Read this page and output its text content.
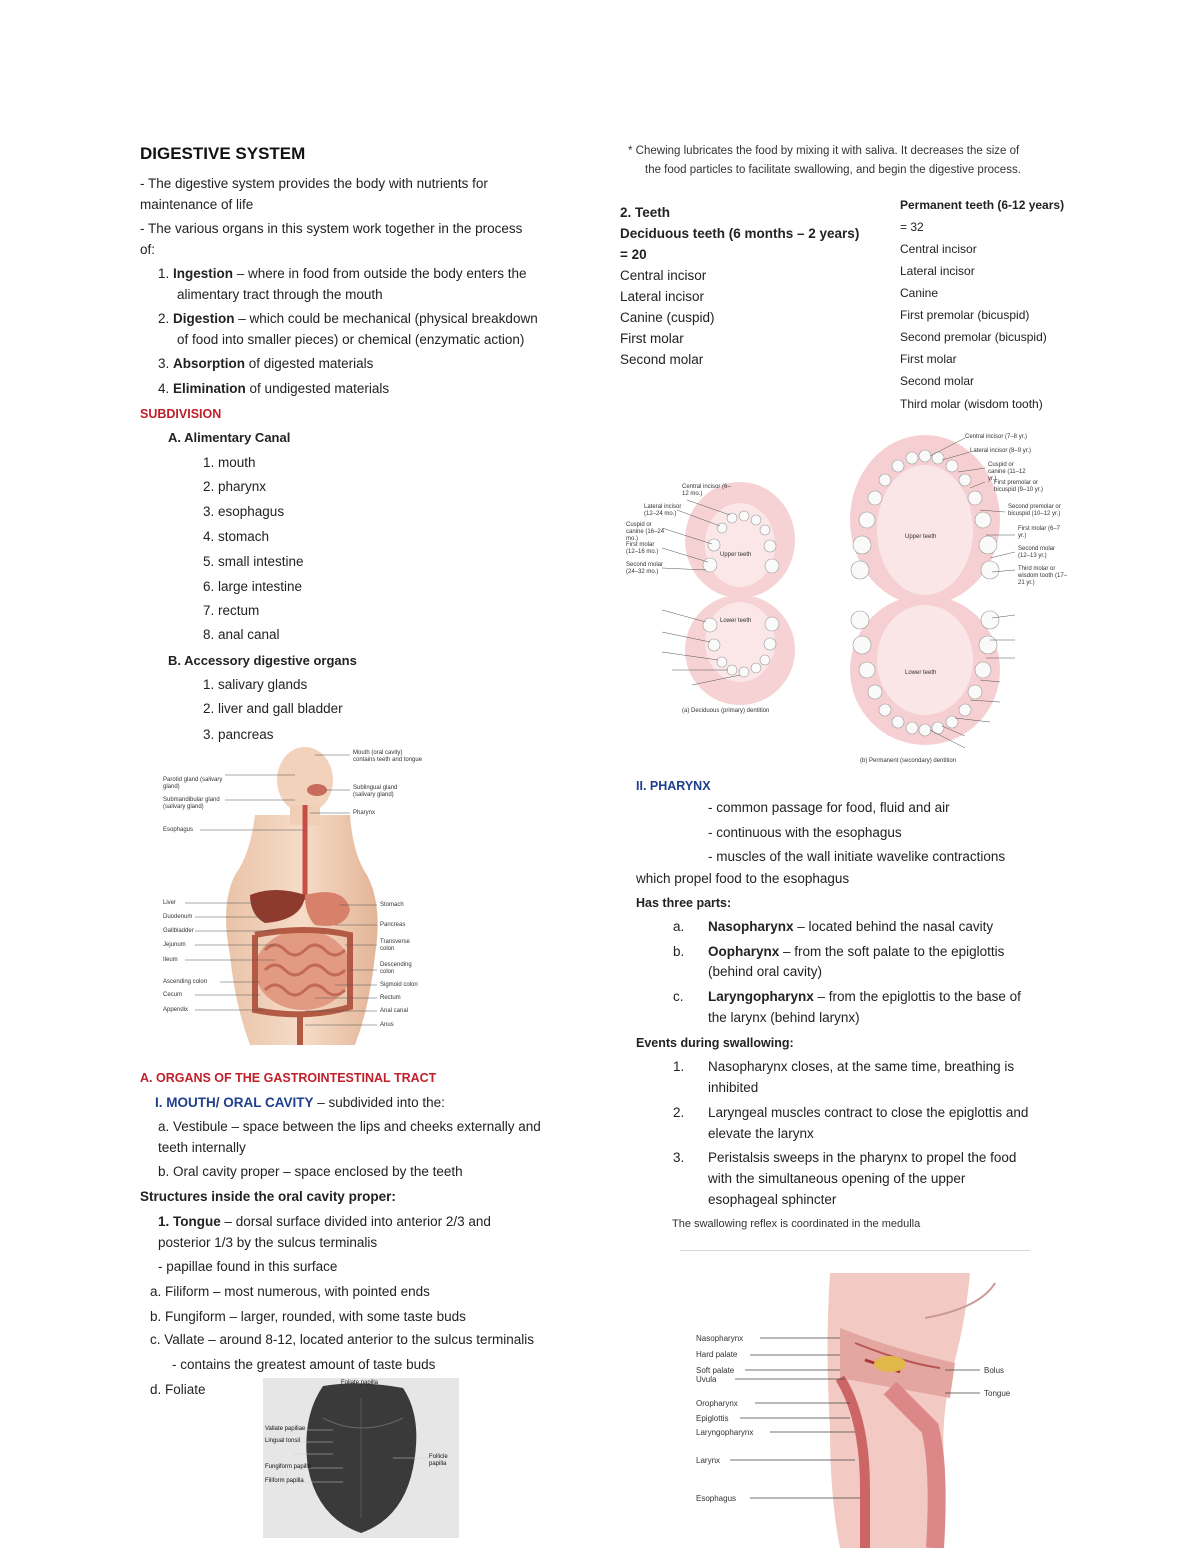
DIGESTIVE SYSTEM
- The digestive system provides the body with nutrients for
maintenance of life
- The various organs in this system work together in the process
of:
1. Ingestion – where in food from outside the body enters the
alimentary tract through the mouth
2. Digestion – which could be mechanical (physical breakdown
of food into smaller pieces) or chemical (enzymatic action)
3. Absorption of digested materials
4. Elimination of undigested materials
SUBDIVISION
A. Alimentary Canal
1. mouth
2. pharynx
3. esophagus
4. stomach
5. small intestine
6. large intestine
7. rectum
8. anal canal
B. Accessory digestive organs
1. salivary glands
2. liver and gall bladder
3. pancreas
Parotid gland (salivary gland)
Submandibular gland (salivary gland)
Esophagus
Liver
Duodenum
Gallbladder
Jejunum
Ileum
Ascending colon
Cecum
Appendix
Mouth (oral cavity) contains teeth and tongue
Sublingual gland (salivary gland)
Pharynx
Stomach
Pancreas
Transverse colon
Descending colon
Sigmoid colon
Rectum
Anal canal
Anus
A. ORGANS OF THE GASTROINTESTINAL TRACT
I. MOUTH/ ORAL CAVITY – subdivided into the:
a. Vestibule – space between the lips and cheeks externally and
teeth internally
b. Oral cavity proper – space enclosed by the teeth
Structures inside the oral cavity proper:
1. Tongue – dorsal surface divided into anterior 2/3 and
posterior 1/3 by the sulcus terminalis
- papillae found in this surface
a. Filiform – most numerous, with pointed ends
b. Fungiform – larger, rounded, with some taste buds
c. Vallate – around 8-12, located anterior to the sulcus terminalis
- contains the greatest amount of taste buds
d. Foliate	Foliate papilla
Vallate papillae
Lingual tonsil
Fungiform papilla
Filiform papilla
Follicle papilla
* Chewing lubricates the food by mixing it with saliva. It decreases the size of
the food particles to facilitate swallowing, and begin the digestive process.
2. Teeth
Deciduous teeth (6 months – 2 years)
= 20
Central incisor
Lateral incisor
Canine (cuspid)
First molar
Second molar
Permanent teeth (6-12 years)
= 32
Central incisor
Lateral incisor
Canine
First premolar (bicuspid)
Second premolar (bicuspid)
First molar
Second molar
Third molar (wisdom tooth)
Central incisor (6–12 mo.)
Lateral incisor (12–24 mo.)
Cuspid or canine (16–24 mo.)
First molar (12–16 mo.)
Second molar (24–32 mo.)
Upper teeth
Lower teeth
(a) Deciduous (primary) dentition
Central incisor (7–8 yr.)
Lateral incisor (8–9 yr.)
Cuspid or canine (11–12 yr.)
First premolar or bicuspid (9–10 yr.)
Second premolar or bicuspid (10–12 yr.)
First molar (6–7 yr.)
Second molar (12–13 yr.)
Third molar or wisdom tooth (17–21 yr.)
Upper teeth
Lower teeth
(b) Permanent (secondary) dentition
II. PHARYNX
- common passage for food, fluid and air
- continuous with the esophagus
- muscles of the wall initiate wavelike contractions
which propel food to the esophagus
Has three parts:
a. Nasopharynx – located behind the nasal cavity
b. Oopharynx – from the soft palate to the epiglottis
(behind oral cavity)
c. Laryngopharynx – from the epiglottis to the base of
the larynx (behind larynx)
Events during swallowing:
1. Nasopharynx closes, at the same time, breathing is
inhibited
2. Laryngeal muscles contract to close the epiglottis and
elevate the larynx
3. Peristalsis sweeps in the pharynx to propel the food
with the simultaneous opening of the upper
esophageal sphincter
The swallowing reflex is coordinated in the medulla
Nasopharynx
Hard palate
Soft palate
Uvula
Oropharynx
Epiglottis
Laryngopharynx
Larynx
Esophagus
Bolus
Tongue
